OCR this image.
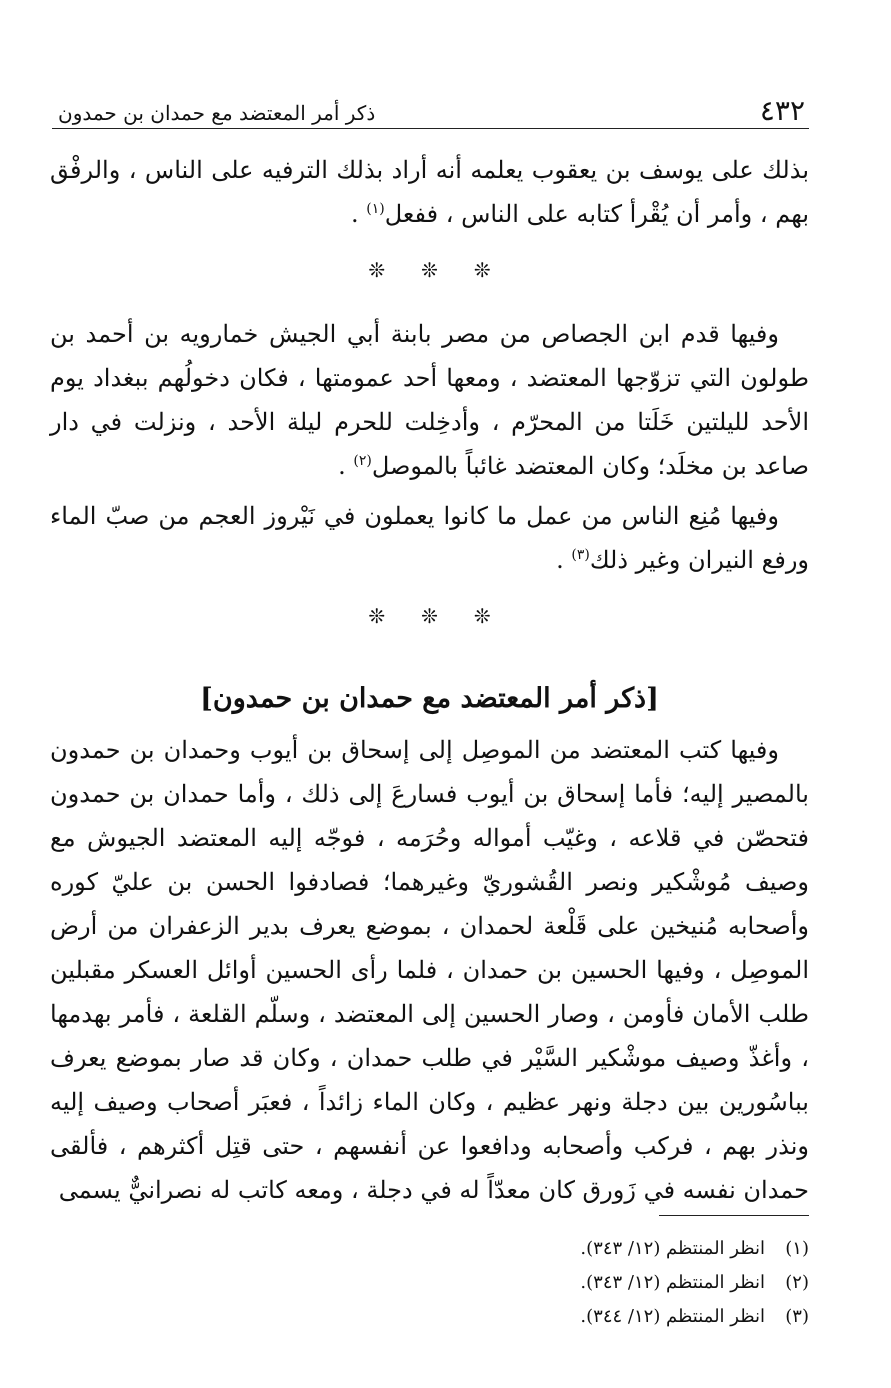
٤٣٢
ذكر أمر المعتضد مع حمدان بن حمدون

بذلك على يوسف بن يعقوب يعلمه أنه أراد بذلك الترفيه على الناس ، والرفْق بهم ، وأمر أن يُقْرأ كتابه على الناس ، ففعل$^{(١)}$ .

❊ ❊ ❊

وفيها قدم ابن الجصاص من مصر بابنة أبي الجيش خمارويه بن أحمد بن طولون التي تزوّجها المعتضد ، ومعها أحد عمومتها ، فكان دخولُهم ببغداد يوم الأحد لليلتين خَلَتا من المحرّم ، وأدخِلت للحرم ليلة الأحد ، ونزلت في دار صاعد بن مخلَد؛ وكان المعتضد غائباً بالموصل$^{(٢)}$ .

وفيها مُنِع الناس من عمل ما كانوا يعملون في نَيْروز العجم من صبّ الماء ورفع النيران وغير ذلك$^{(٣)}$ .

❊ ❊ ❊
[ذكر أمر المعتضد مع حمدان بن حمدون]

وفيها كتب المعتضد من الموصِل إلى إسحاق بن أيوب وحمدان بن حمدون بالمصير إليه؛ فأما إسحاق بن أيوب فسارعَ إلى ذلك ، وأما حمدان بن حمدون فتحصّن في قلاعه ، وغيّب أمواله وحُرَمه ، فوجّه إليه المعتضد الجيوش مع وصيف مُوشْكير ونصر القُشوريّ وغيرهما؛ فصادفوا الحسن بن عليّ كوره وأصحابه مُنيخين على قَلْعة لحمدان ، بموضع يعرف بدير الزعفران من أرض الموصِل ، وفيها الحسين بن حمدان ، فلما رأى الحسين أوائل العسكر مقبلين طلب الأمان فأومن ، وصار الحسين إلى المعتضد ، وسلّم القلعة ، فأمر بهدمها ، وأغذّ وصيف موشْكير السَّيْر في طلب حمدان ، وكان قد صار بموضع يعرف بباسُورين بين دجلة ونهر عظيم ، وكان الماء زائداً ، فعبَر أصحاب وصيف إليه ونذر بهم ، فركب وأصحابه ودافعوا عن أنفسهم ، حتى قتِل أكثرهم ، فألقى حمدان نفسه في زَورق كان معدّاً له في دجلة ، ومعه كاتب له نصرانيٌّ يسمى

(١)
انظر المنتظم (١٢/ ٣٤٣).
(٢)
انظر المنتظم (١٢/ ٣٤٣).
(٣)
انظر المنتظم (١٢/ ٣٤٤).
